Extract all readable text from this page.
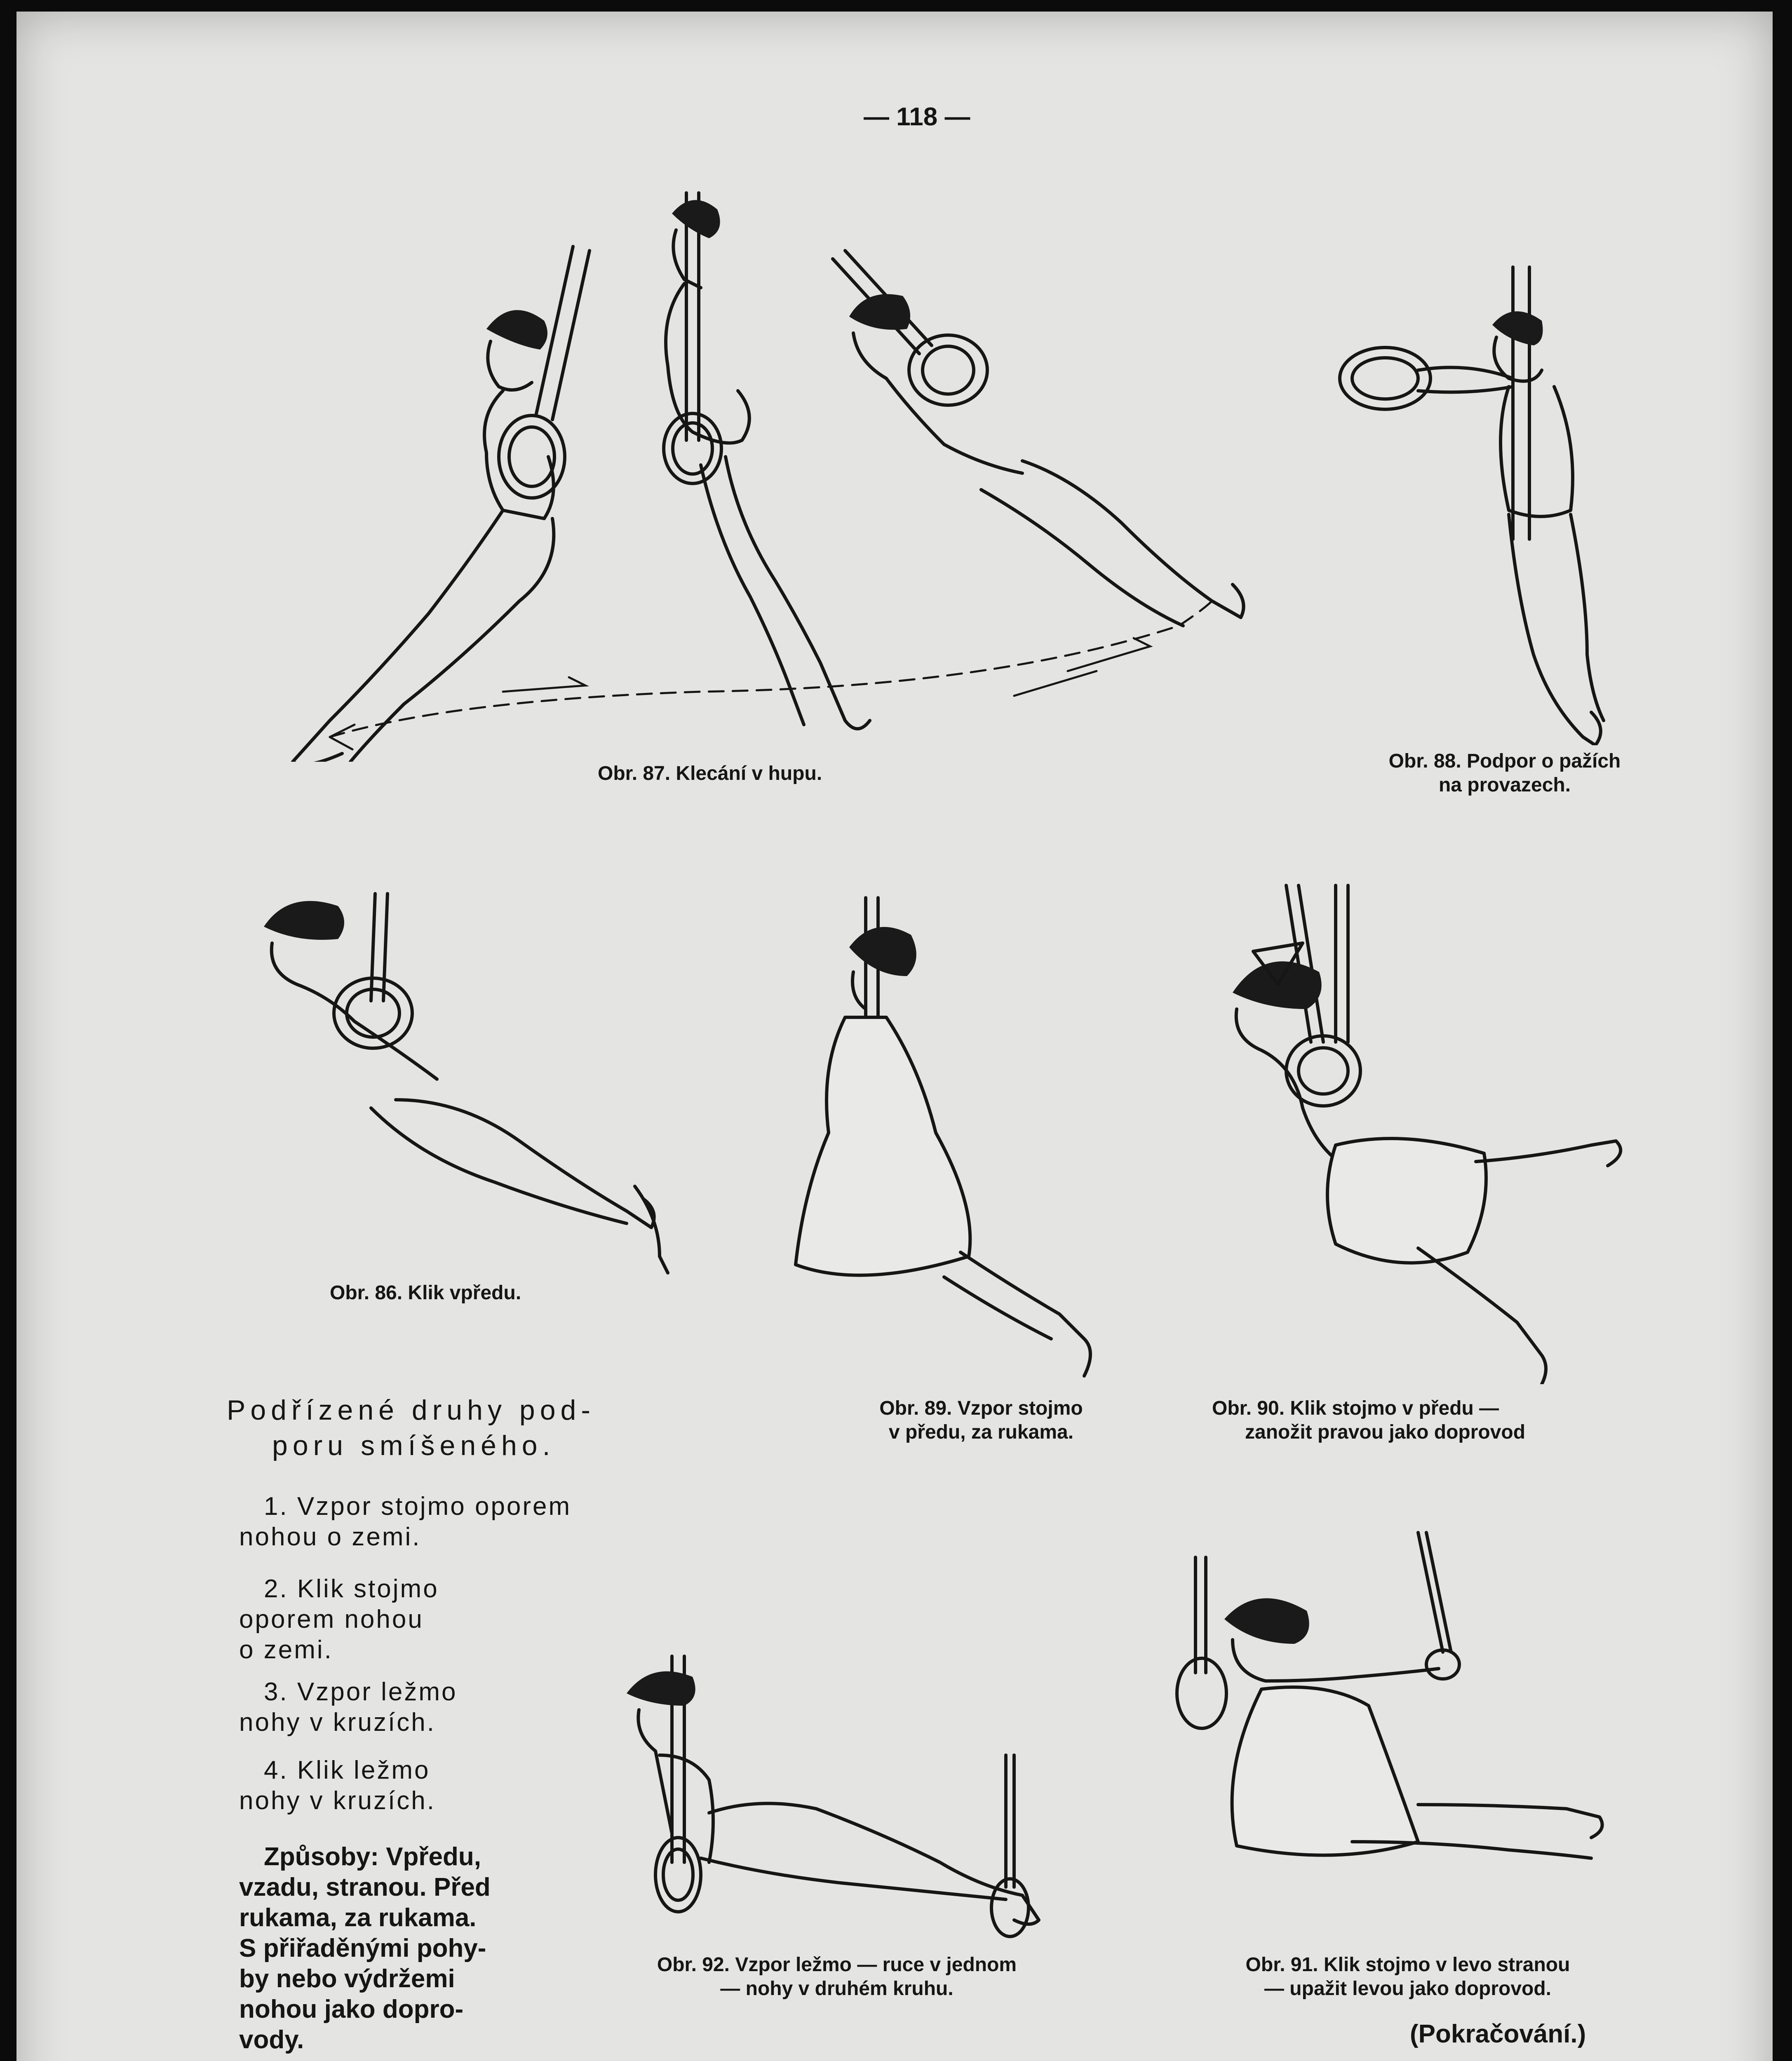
— 118 —
Obr. 87. Klecání v hupu.
Obr. 88. Podpor o pažích
na provazech.
Obr. 86. Klik vpředu.
Obr. 89. Vzpor stojmo
v předu, za rukama.
Obr. 90. Klik stojmo v předu —
zanožit pravou jako doprovod
Podřízené druhy pod-
poru smíšeného.
1. Vzpor stojmo oporem
nohou o zemi.
2. Klik stojmo
oporem nohou
o zemi.
3. Vzpor ležmo
nohy v kruzích.
4. Klik ležmo
nohy v kruzích.
Způsoby: Vpředu,
vzadu, stranou. Před
rukama, za rukama.
S přiřaděnými pohy-
by nebo výdržemi
nohou jako dopro-
vody.
Obr. 92. Vzpor ležmo — ruce v jednom
— nohy v druhém kruhu.
Obr. 91. Klik stojmo v levo stranou
— upažit levou jako doprovod.
(Pokračování.)
